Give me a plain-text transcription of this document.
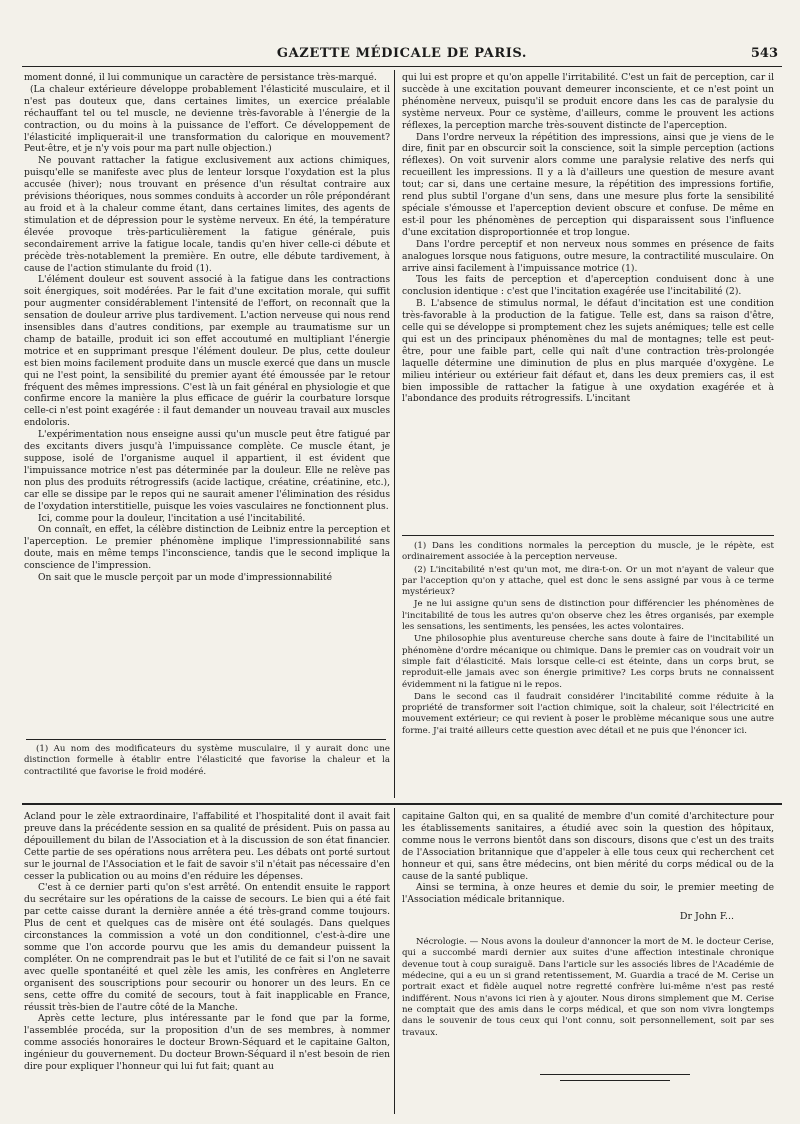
GAZETTE MÉDICALE DE PARIS.	543

moment donné, il lui communique un caractère de persistance très-marqué.

(La chaleur extérieure développe probablement l'élasticité musculaire, et il n'est pas douteux que, dans certaines limites, un exercice préalable réchauffant tel ou tel muscle, ne devienne très-favorable à l'énergie de la contraction, ou du moins à la puissance de l'effort. Ce développement de l'élasticité impliquerait-il une transformation du calorique en mouvement? Peut-être, et je n'y vois pour ma part nulle objection.)

Ne pouvant rattacher la fatigue exclusivement aux actions chimiques, puisqu'elle se manifeste avec plus de lenteur lorsque l'oxydation est la plus accusée (hiver); nous trouvant en présence d'un résultat contraire aux prévisions théoriques, nous sommes conduits à accorder un rôle prépondérant au froid et à la chaleur comme étant, dans certaines limites, des agents de stimulation et de dépression pour le système nerveux. En été, la température élevée provoque très-particulièrement la fatigue générale, puis secondairement arrive la fatigue locale, tandis qu'en hiver celle-ci débute et précède très-notablement la première. En outre, elle débute tardivement, à cause de l'action stimulante du froid (1).

L'élément douleur est souvent associé à la fatigue dans les contractions soit énergiques, soit modérées. Par le fait d'une excitation morale, qui suffit pour augmenter considérablement l'intensité de l'effort, on reconnaît que la sensation de douleur arrive plus tardivement. L'action nerveuse qui nous rend insensibles dans d'autres conditions, par exemple au traumatisme sur un champ de bataille, produit ici son effet accoutumé en multipliant l'énergie motrice et en supprimant presque l'élément douleur. De plus, cette douleur est bien moins facilement produite dans un muscle exercé que dans un muscle qui ne l'est point, la sensibilité du premier ayant été émoussée par le retour fréquent des mêmes impressions. C'est là un fait général en physiologie et que confirme encore la manière la plus efficace de guérir la courbature lorsque celle-ci n'est point exagérée : il faut demander un nouveau travail aux muscles endoloris.

L'expérimentation nous enseigne aussi qu'un muscle peut être fatigué par des excitants divers jusqu'à l'impuissance complète. Ce muscle étant, je suppose, isolé de l'organisme auquel il appartient, il est évident que l'impuissance motrice n'est pas déterminée par la douleur. Elle ne relève pas non plus des produits rétrogressifs (acide lactique, créatine, créatinine, etc.), car elle se dissipe par le repos qui ne saurait amener l'élimination des résidus de l'oxydation interstitielle, puisque les voies vasculaires ne fonctionnent plus.

Ici, comme pour la douleur, l'incitation a usé l'incitabilité.

On connaît, en effet, la célèbre distinction de Leibniz entre la perception et l'aperception. Le premier phénomène implique l'impressionnabilité sans doute, mais en même temps l'inconscience, tandis que le second implique la conscience de l'impression.

On sait que le muscle perçoit par un mode d'impressionnabilité

(1) Au nom des modificateurs du système musculaire, il y aurait donc une distinction formelle à établir entre l'élasticité que favorise la chaleur et la contractilité que favorise le froid modéré.

qui lui est propre et qu'on appelle l'irritabilité. C'est un fait de perception, car il succède à une excitation pouvant demeurer inconsciente, et ce n'est point un phénomène nerveux, puisqu'il se produit encore dans les cas de paralysie du système nerveux. Pour ce système, d'ailleurs, comme le prouvent les actions réflexes, la perception marche très-souvent distincte de l'aperception.

Dans l'ordre nerveux la répétition des impressions, ainsi que je viens de le dire, finit par en obscurcir soit la conscience, soit la simple perception (actions réflexes). On voit survenir alors comme une paralysie relative des nerfs qui recueillent les impressions. Il y a là d'ailleurs une question de mesure avant tout; car si, dans une certaine mesure, la répétition des impressions fortifie, rend plus subtil l'organe d'un sens, dans une mesure plus forte la sensibilité spéciale s'émousse et l'aperception devient obscure et confuse. De même en est-il pour les phénomènes de perception qui disparaissent sous l'influence d'une excitation disproportionnée et trop longue.

Dans l'ordre perceptif et non nerveux nous sommes en présence de faits analogues lorsque nous fatiguons, outre mesure, la contractilité musculaire. On arrive ainsi facilement à l'impuissance motrice (1).

Tous les faits de perception et d'aperception conduisent donc à une conclusion identique : c'est que l'incitation exagérée use l'incitabilité (2).

B. L'absence de stimulus normal, le défaut d'incitation est une condition très-favorable à la production de la fatigue. Telle est, dans sa raison d'être, celle qui se développe si promptement chez les sujets anémiques; telle est celle qui est un des principaux phénomènes du mal de montagnes; telle est peut-être, pour une faible part, celle qui naît d'une contraction très-prolongée laquelle détermine une diminution de plus en plus marquée d'oxygène. Le milieu intérieur ou extérieur fait défaut et, dans les deux premiers cas, il est bien impossible de rattacher la fatigue à une oxydation exagérée et à l'abondance des produits rétrogressifs. L'incitant

(1) Dans les conditions normales la perception du muscle, je le répète, est ordinairement associée à la perception nerveuse.

(2) L'incitabilité n'est qu'un mot, me dira-t-on. Or un mot n'ayant de valeur que par l'acception qu'on y attache, quel est donc le sens assigné par vous à ce terme mystérieux?

Je ne lui assigne qu'un sens de distinction pour différencier les phénomènes de l'incitabilité de tous les autres qu'on observe chez les êtres organisés, par exemple les sensations, les sentiments, les pensées, les actes volontaires.

Une philosophie plus aventureuse cherche sans doute à faire de l'incitabilité un phénomène d'ordre mécanique ou chimique. Dans le premier cas on voudrait voir un simple fait d'élasticité. Mais lorsque celle-ci est éteinte, dans un corps brut, se reproduit-elle jamais avec son énergie primitive? Les corps bruts ne connaissent évidemment ni la fatigue ni le repos.

Dans le second cas il faudrait considérer l'incitabilité comme réduite à la propriété de transformer soit l'action chimique, soit la chaleur, soit l'électricité en mouvement extérieur; ce qui revient à poser le problème mécanique sous une autre forme. J'ai traité ailleurs cette question avec détail et ne puis que l'énoncer ici.

Acland pour le zèle extraordinaire, l'affabilité et l'hospitalité dont il avait fait preuve dans la précédente session en sa qualité de président. Puis on passa au dépouillement du bilan de l'Association et à la discussion de son état financier. Cette partie de ses opérations nous arrêtera peu. Les débats ont porté surtout sur le journal de l'Association et le fait de savoir s'il n'était pas nécessaire d'en cesser la publication ou au moins d'en réduire les dépenses.

C'est à ce dernier parti qu'on s'est arrêté. On entendit ensuite le rapport du secrétaire sur les opérations de la caisse de secours. Le bien qui a été fait par cette caisse durant la dernière année a été très-grand comme toujours. Plus de cent et quelques cas de misère ont été soulagés. Dans quelques circonstances la commission a voté un don conditionnel, c'est-à-dire une somme que l'on accorde pourvu que les amis du demandeur puissent la compléter. On ne comprendrait pas le but et l'utilité de ce fait si l'on ne savait avec quelle spontanéité et quel zèle les amis, les confrères en Angleterre organisent des souscriptions pour secourir ou honorer un des leurs. En ce sens, cette offre du comité de secours, tout à fait inapplicable en France, réussit très-bien de l'autre côté de la Manche.

Après cette lecture, plus intéressante par le fond que par la forme, l'assemblée procéda, sur la proposition d'un de ses membres, à nommer comme associés honoraires le docteur Brown-Séquard et le capitaine Galton, ingénieur du gouvernement. Du docteur Brown-Séquard il n'est besoin de rien dire pour expliquer l'honneur qui lui fut fait; quant au

capitaine Galton qui, en sa qualité de membre d'un comité d'architecture pour les établissements sanitaires, a étudié avec soin la question des hôpitaux, comme nous le verrons bientôt dans son discours, disons que c'est un des traits de l'Association britannique que d'appeler à elle tous ceux qui recherchent cet honneur et qui, sans être médecins, ont bien mérité du corps médical ou de la cause de la santé publique.

Ainsi se termina, à onze heures et demie du soir, le premier meeting de l'Association médicale britannique.

Dr John F...

Nécrologie. — Nous avons la douleur d'annoncer la mort de M. le docteur Cerise, qui a succombé mardi dernier aux suites d'une affection intestinale chronique devenue tout à coup suraiguë. Dans l'article sur les associés libres de l'Académie de médecine, qui a eu un si grand retentissement, M. Guardia a tracé de M. Cerise un portrait exact et fidèle auquel notre regretté confrère lui-même n'est pas resté indifférent. Nous n'avons ici rien à y ajouter. Nous dirons simplement que M. Cerise ne comptait que des amis dans le corps médical, et que son nom vivra longtemps dans le souvenir de tous ceux qui l'ont connu, soit personnellement, soit par ses travaux.
